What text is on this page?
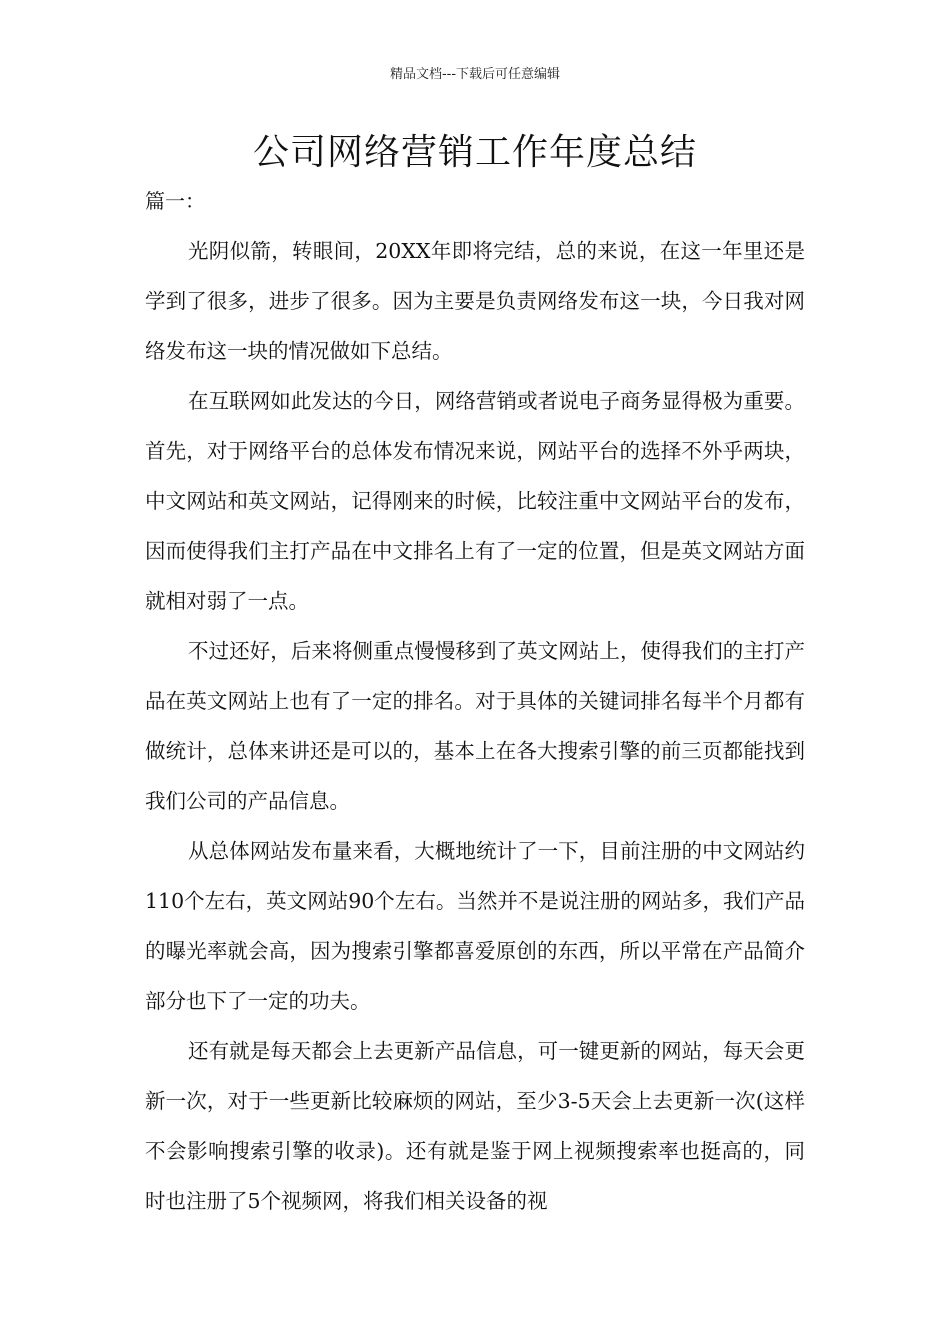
精品文档---下载后可任意编辑
公司网络营销工作年度总结
篇一：

光阴似箭，转眼间，20XX年即将完结，总的来说，在这一年里还是学到了很多，进步了很多。因为主要是负责网络发布这一块，今日我对网络发布这一块的情况做如下总结。

在互联网如此发达的今日，网络营销或者说电子商务显得极为重要。首先，对于网络平台的总体发布情况来说，网站平台的选择不外乎两块，中文网站和英文网站，记得刚来的时候，比较注重中文网站平台的发布，因而使得我们主打产品在中文排名上有了一定的位置，但是英文网站方面就相对弱了一点。

不过还好，后来将侧重点慢慢移到了英文网站上，使得我们的主打产品在英文网站上也有了一定的排名。对于具体的关键词排名每半个月都有做统计，总体来讲还是可以的，基本上在各大搜索引擎的前三页都能找到我们公司的产品信息。

从总体网站发布量来看，大概地统计了一下，目前注册的中文网站约110个左右，英文网站90个左右。当然并不是说注册的网站多，我们产品的曝光率就会高，因为搜索引擎都喜爱原创的东西，所以平常在产品简介部分也下了一定的功夫。

还有就是每天都会上去更新产品信息，可一键更新的网站，每天会更新一次，对于一些更新比较麻烦的网站，至少3-5天会上去更新一次(这样不会影响搜索引擎的收录)。还有就是鉴于网上视频搜索率也挺高的，同时也注册了5个视频网，将我们相关设备的视
